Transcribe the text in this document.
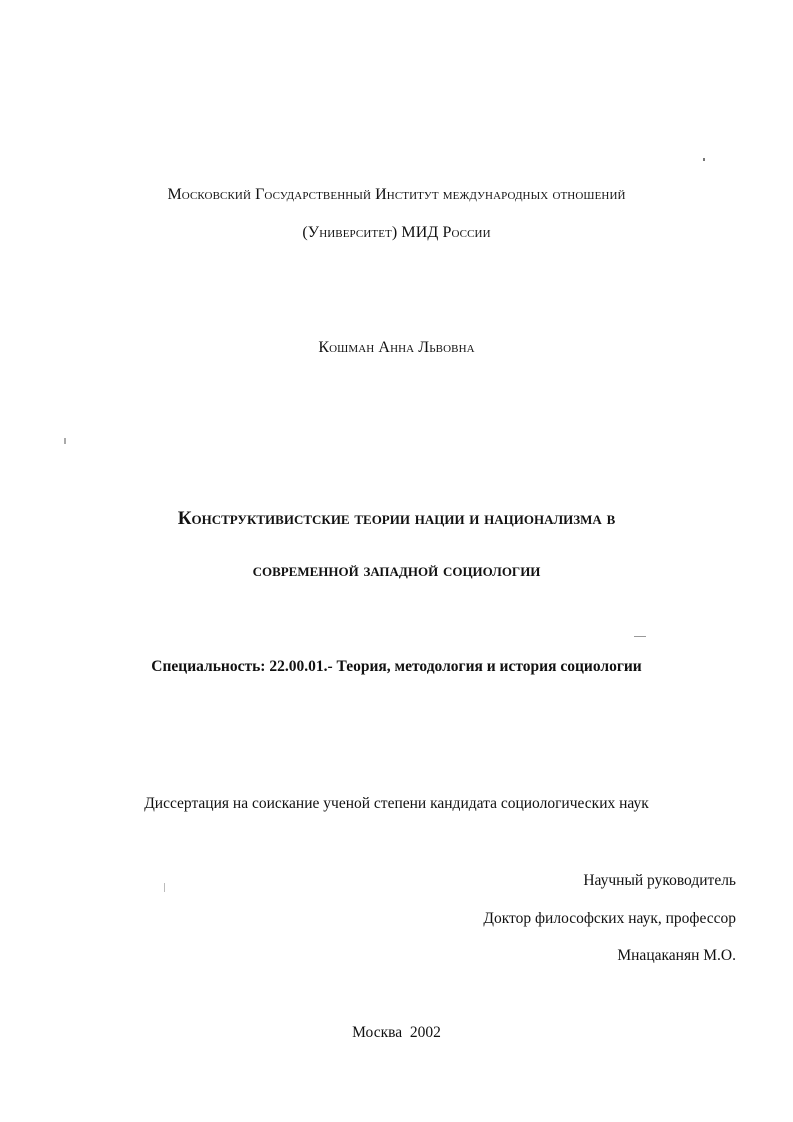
Московский Государственный Институт международных отношений
(Университет) МИД России
Кошман Анна Львовна
Конструктивистские теории нации и национализма в
современной западной социологии
Специальность: 22.00.01.- Теория, методология и история социологии
Диссертация на соискание ученой степени кандидата социологических наук
Научный руководитель
Доктор философских наук, профессор
Мнацаканян М.О.
Москва  2002
